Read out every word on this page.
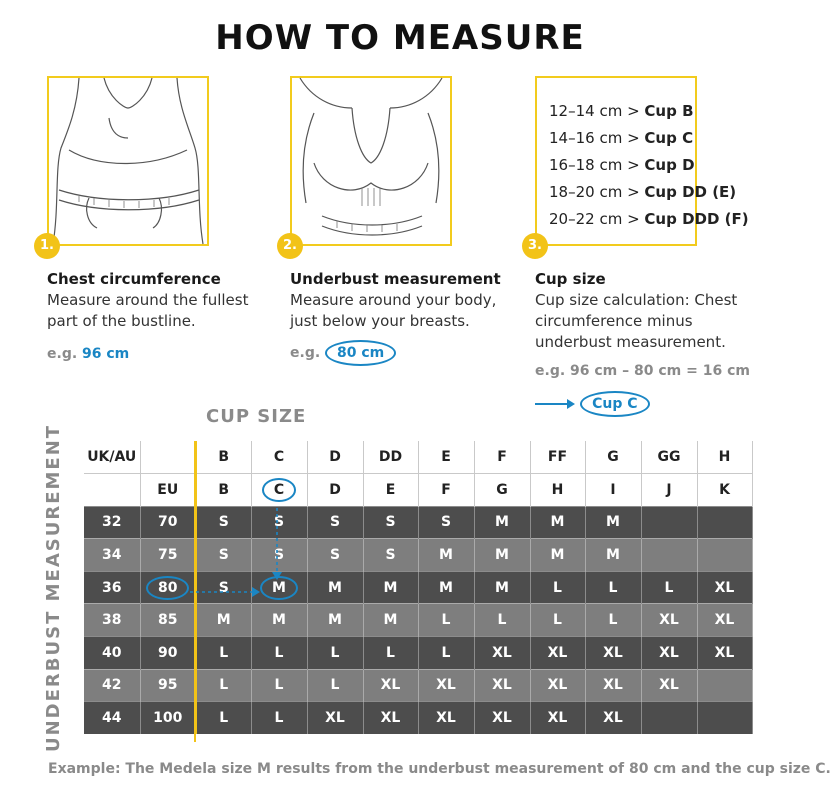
HOW TO MEASURE
1.	2.
12–14 cm > Cup B
14–16 cm > Cup C
16–18 cm > Cup D
18–20 cm > Cup DD (E)
20–22 cm > Cup DDD (F)
3.

Chest circumference

Measure around the fullest part of the bustline.

e.g. 96 cm

Underbust measurement

Measure around your body, just below your breasts.

e.g. 80 cm

Cup size

Cup size calculation: Chest circumference minus underbust measurement.

e.g. 96 cm – 80 cm = 16 cm
Cup C
CUP SIZE
UNDERBUST MEASUREMENT UK/AU		B	C	D	DD	E	F	FF	G	GG	H
	EU	B	C	D	E	F	G	H	I	J	K
32	70	S	S	S	S	S	M	M	M		
34	75	S	S	S	S	M	M	M	M		
36	80	S	M	M	M	M	M	L	L	L	XL
38	85	M	M	M	M	L	L	L	L	XL	XL
40	90	L	L	L	L	L	XL	XL	XL	XL	XL
42	95	L	L	L	XL	XL	XL	XL	XL	XL	
44	100	L	L	XL	XL	XL	XL	XL	XL		
Example: The Medela size M results from the underbust measurement of 80 cm and the cup size C.
